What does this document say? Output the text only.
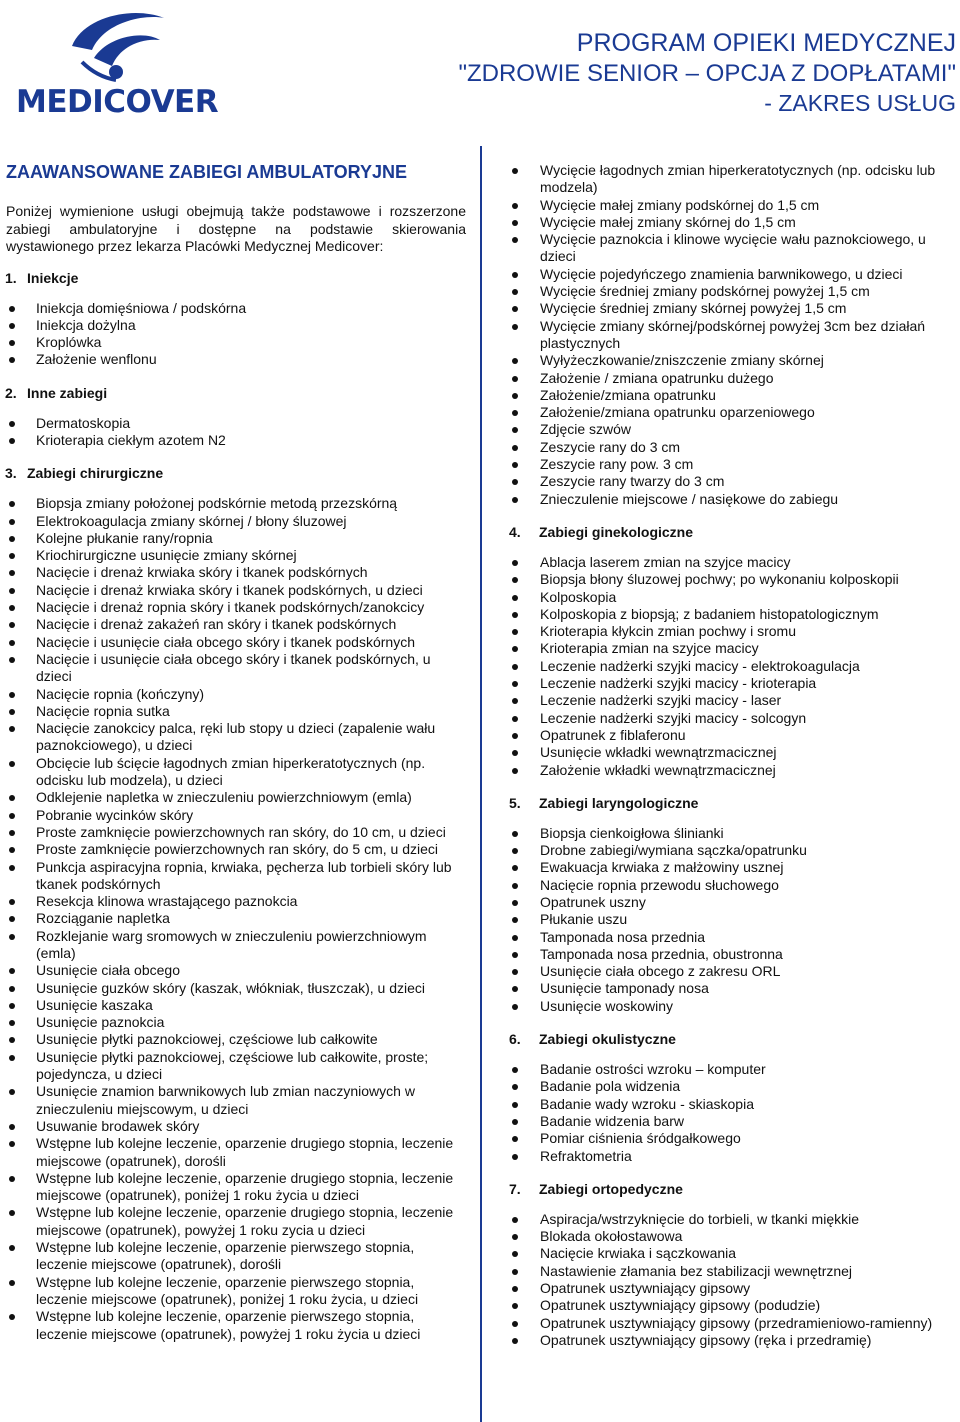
MEDICOVER
PROGRAM OPIEKI MEDYCZNEJ
"ZDROWIE SENIOR – OPCJA Z DOPŁATAMI"
- ZAKRES USŁUG
ZAAWANSOWANE ZABIEGI AMBULATORYJNE
Poniżej wymienione usługi obejmują także podstawowe i rozszerzone zabiegi ambulatoryjne i dostępne na podstawie skierowania wystawionego przez lekarza Placówki Medycznej Medicover:
1. Iniekcje
Iniekcja domięśniowa / podskórna
Iniekcja dożylna
Kroplówka
Założenie wenflonu
2. Inne zabiegi
Dermatoskopia
Krioterapia ciekłym azotem N2
3. Zabiegi chirurgiczne
Biopsja zmiany położonej podskórnie metodą przezskórną
Elektrokoagulacja zmiany skórnej / błony śluzowej
Kolejne płukanie rany/ropnia
Kriochirurgiczne usunięcie zmiany skórnej
Nacięcie i drenaż krwiaka skóry i tkanek podskórnych
Nacięcie i drenaż krwiaka skóry i tkanek podskórnych, u dzieci
Nacięcie i drenaż ropnia skóry i tkanek podskórnych/zanokcicy
Nacięcie i drenaż zakażeń ran skóry i tkanek podskórnych
Nacięcie i usunięcie ciała obcego skóry i tkanek podskórnych
Nacięcie i usunięcie ciała obcego skóry i tkanek podskórnych, u dzieci
Nacięcie ropnia (kończyny)
Nacięcie ropnia sutka
Nacięcie zanokcicy palca, ręki lub stopy u dzieci (zapalenie wału paznokciowego), u dzieci
Obcięcie lub ścięcie łagodnych zmian hiperkeratotycznych (np. odcisku lub modzela), u dzieci
Odklejenie napletka w znieczuleniu powierzchniowym (emla)
Pobranie wycinków skóry
Proste zamknięcie powierzchownych ran skóry, do 10 cm, u dzieci
Proste zamknięcie powierzchownych ran skóry, do 5 cm, u dzieci
Punkcja aspiracyjna ropnia, krwiaka, pęcherza lub torbieli skóry lub tkanek podskórnych
Resekcja klinowa wrastającego paznokcia
Rozciąganie napletka
Rozklejanie warg sromowych w znieczuleniu powierzchniowym (emla)
Usunięcie ciała obcego
Usunięcie guzków skóry (kaszak, włókniak, tłuszczak), u dzieci
Usunięcie kaszaka
Usunięcie paznokcia
Usunięcie płytki paznokciowej, częściowe lub całkowite
Usunięcie płytki paznokciowej, częściowe lub całkowite, proste; pojedyncza, u dzieci
Usunięcie znamion barwnikowych lub zmian naczyniowych w znieczuleniu miejscowym, u dzieci
Usuwanie brodawek skóry
Wstępne lub kolejne leczenie, oparzenie drugiego stopnia, leczenie miejscowe (opatrunek), dorośli
Wstępne lub kolejne leczenie, oparzenie drugiego stopnia, leczenie miejscowe (opatrunek), poniżej 1 roku życia u dzieci
Wstępne lub kolejne leczenie, oparzenie drugiego stopnia, leczenie miejscowe (opatrunek), powyżej 1 roku zycia u dzieci
Wstępne lub kolejne leczenie, oparzenie pierwszego stopnia, leczenie miejscowe (opatrunek), dorośli
Wstępne lub kolejne leczenie, oparzenie pierwszego stopnia, leczenie miejscowe (opatrunek), poniżej 1 roku życia, u dzieci
Wstępne lub kolejne leczenie, oparzenie pierwszego stopnia, leczenie miejscowe (opatrunek), powyżej 1 roku życia u dzieci
Wycięcie łagodnych zmian hiperkeratotycznych (np. odcisku lub modzela)
Wycięcie małej zmiany podskórnej do 1,5 cm
Wycięcie małej zmiany skórnej do 1,5 cm
Wycięcie paznokcia i klinowe wycięcie wału paznokciowego, u dzieci
Wycięcie pojedyńczego znamienia barwnikowego, u dzieci
Wycięcie średniej zmiany podskórnej powyżej 1,5 cm
Wycięcie średniej zmiany skórnej powyżej 1,5 cm
Wycięcie zmiany skórnej/podskórnej powyżej 3cm bez działań plastycznych
Wyłyżeczkowanie/zniszczenie zmiany skórnej
Założenie / zmiana opatrunku dużego
Założenie/zmiana opatrunku
Założenie/zmiana opatrunku oparzeniowego
Zdjęcie szwów
Zeszycie rany do 3 cm
Zeszycie rany pow. 3 cm
Zeszycie rany twarzy do 3 cm
Znieczulenie miejscowe / nasiękowe do zabiegu
4.	Zabiegi ginekologiczne
Ablacja laserem zmian na szyjce macicy
Biopsja błony śluzowej pochwy; po wykonaniu kolposkopii
Kolposkopia
Kolposkopia z biopsją; z badaniem histopatologicznym
Krioterapia kłykcin zmian pochwy i sromu
Krioterapia zmian na szyjce macicy
Leczenie nadżerki szyjki macicy - elektrokoagulacja
Leczenie nadżerki szyjki macicy - krioterapia
Leczenie nadżerki szyjki macicy - laser
Leczenie nadżerki szyjki macicy - solcogyn
Opatrunek z fiblaferonu
Usunięcie wkładki wewnątrzmacicznej
Założenie wkładki wewnątrzmacicznej
5.	Zabiegi laryngologiczne
Biopsja cienkoigłowa ślinianki
Drobne zabiegi/wymiana sączka/opatrunku
Ewakuacja krwiaka z małżowiny usznej
Nacięcie ropnia przewodu słuchowego
Opatrunek uszny
Płukanie uszu
Tamponada nosa przednia
Tamponada nosa przednia, obustronna
Usunięcie ciała obcego z zakresu ORL
Usunięcie tamponady nosa
Usunięcie woskowiny
6.	Zabiegi okulistyczne
Badanie ostrości wzroku – komputer
Badanie pola widzenia
Badanie wady wzroku - skiaskopia
Badanie widzenia barw
Pomiar ciśnienia śródgałkowego
Refraktometria
7.	Zabiegi ortopedyczne
Aspiracja/wstrzyknięcie do torbieli, w tkanki miękkie
Blokada okołostawowa
Nacięcie krwiaka i sączkowania
Nastawienie złamania bez stabilizacji wewnętrznej
Opatrunek usztywniający gipsowy
Opatrunek usztywniający gipsowy (podudzie)
Opatrunek usztywniający gipsowy (przedramieniowo-ramienny)
Opatrunek usztywniający gipsowy (ręka i przedramię)
